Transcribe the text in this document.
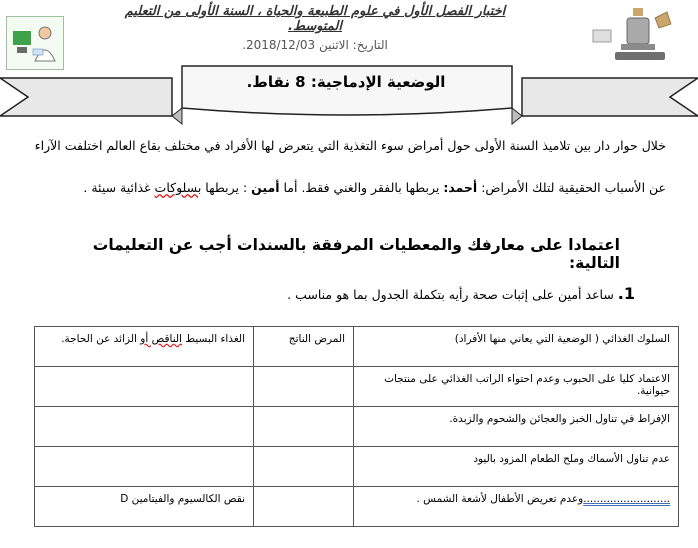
اختبار الفصل الأول في علوم الطبيعة والحياة ، السنة الأولى من التعليم المتوسط.
التاريخ: الاثنين 2018/12/03.
الوضعية الإدماجية: 8 نقاط.
خلال حوار دار بين تلاميذ السنة الأولى حول أمراض سوء التغذية التي يتعرض لها الأفراد في مختلف بقاع العالم اختلفت الآراء
عن الأسباب الحقيقية لتلك الأمراض: أحمد: يربطها بالفقر والغني فقط. أما أمين : يربطها بسلوكات غذائية سيئة .
اعتمادا على معارفك والمعطيات المرفقة بالسندات أجب عن التعليمات التالية:
1. ساعد أمين على إثبات صحة رأيه بتكملة الجدول بما هو مناسب .
السلوك الغذائي ( الوضعية التي يعاني منها الأفراد)	المرض الناتج	الغذاء البسيط الناقص أو الزائد عن الحاجة.
الاعتماد كليا على الحبوب وعدم احتواء الراتب الغذائي على منتجات حيوانية.		
الإفراط في تناول الخبز والعجائن والشحوم والزبدة.		
عدم تناول الأسماك وملح الطعام المزود باليود		
..........................وعدم تعريض الأطفال لأشعة الشمس .		نقص الكالسيوم والفيتامين D
